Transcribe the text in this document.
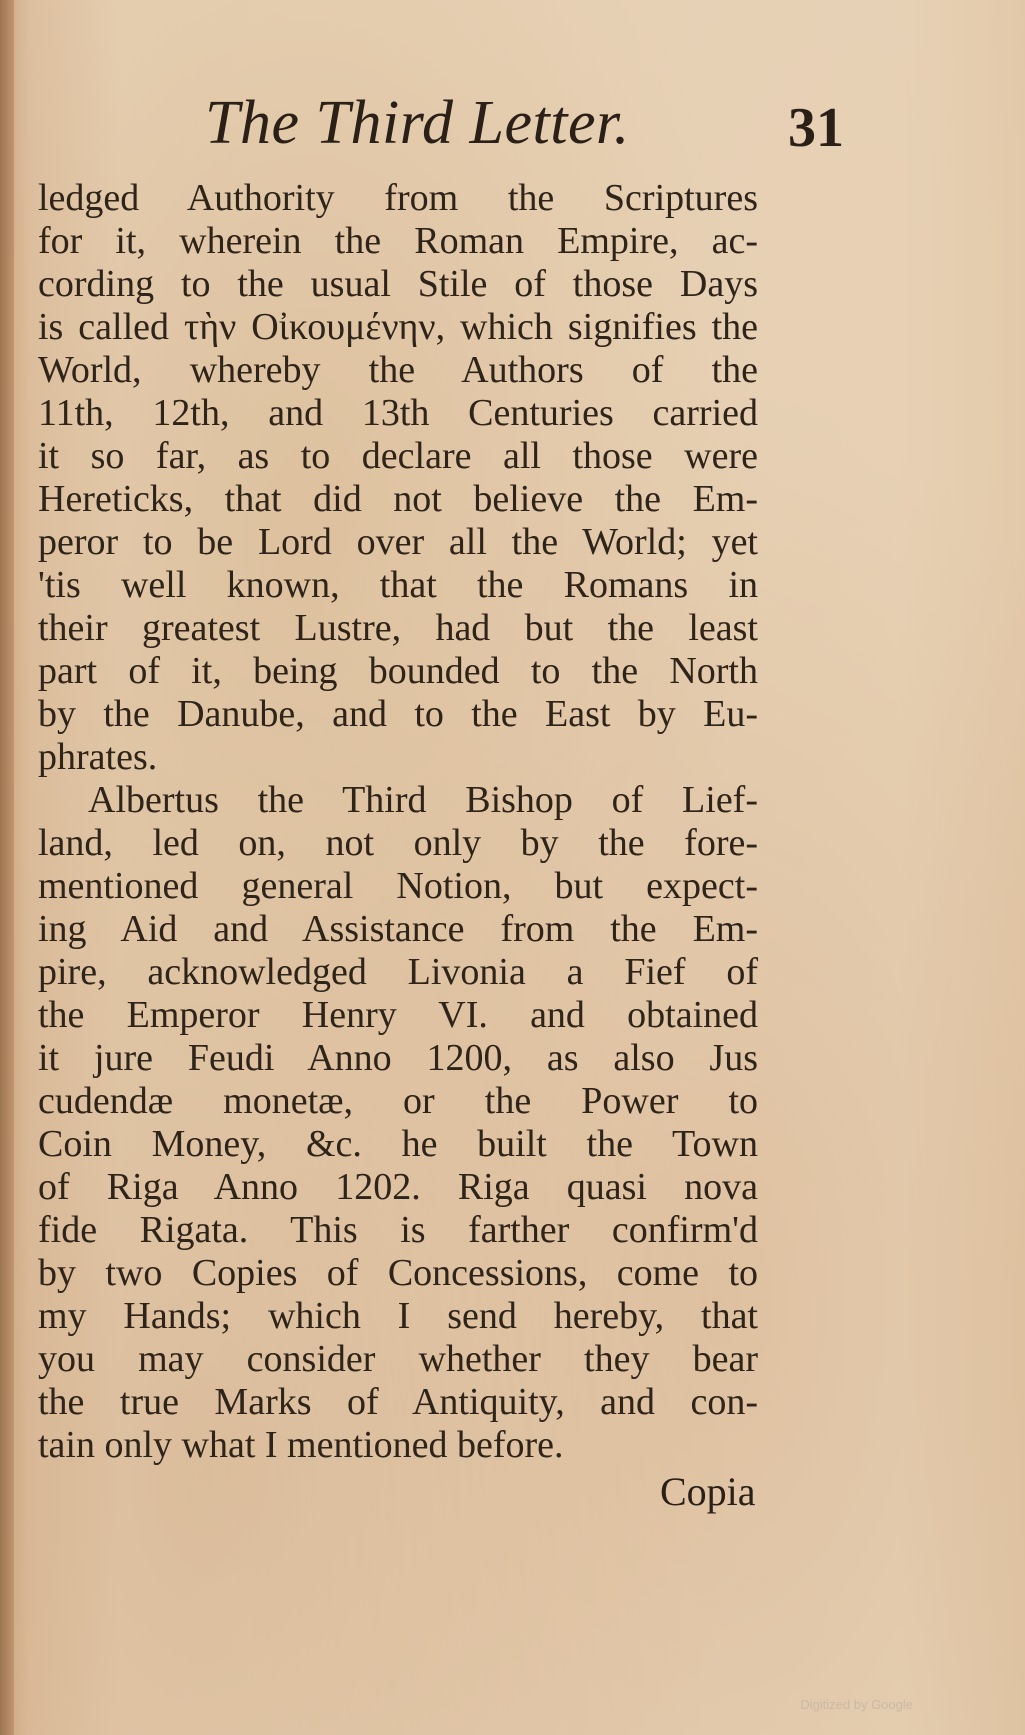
The Third Letter.	31
ledged Authority from the Scriptures
for it, wherein the Roman Empire, ac-
cording to the usual Stile of those Days
is called τὴν Οἰκουμένην, which signifies the
World, whereby the Authors of the
11th, 12th, and 13th Centuries carried
it so far, as to declare all those were
Hereticks, that did not believe the Em-
peror to be Lord over all the World; yet
'tis well known, that the Romans in
their greatest Lustre, had but the least
part of it, being bounded to the North
by the Danube, and to the East by Eu-
phrates.
Albertus the Third Bishop of Lief-
land, led on, not only by the fore-
mentioned general Notion, but expect-
ing Aid and Assistance from the Em-
pire, acknowledged Livonia a Fief of
the Emperor Henry VI. and obtained
it jure Feudi Anno 1200, as also Jus
cudendæ monetæ, or the Power to
Coin Money, &c. he built the Town
of Riga Anno 1202. Riga quasi nova
fide Rigata. This is farther confirm'd
by two Copies of Concessions, come to
my Hands; which I send hereby, that
you may consider whether they bear
the true Marks of Antiquity, and con-
tain only what I mentioned before.
Copia
Digitized by Google
